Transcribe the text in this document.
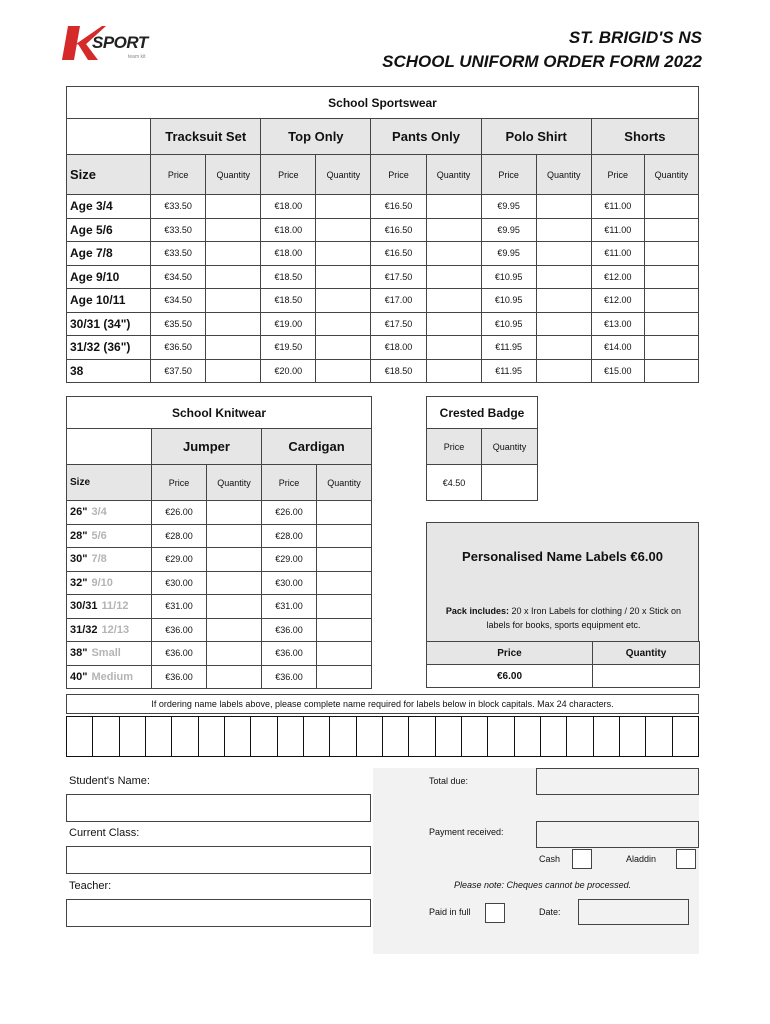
SPORT
team kit
ST. BRIGID'S NS
SCHOOL UNIFORM ORDER FORM 2022
School Sportswear										
	Tracksuit Set		Top Only		Pants Only		Polo Shirt		Shorts	
Size	Price	Quantity	Price	Quantity	Price	Quantity	Price	Quantity	Price	Quantity
Age 3/4	€33.50		€18.00		€16.50		€9.95		€11.00	
Age 5/6	€33.50		€18.00		€16.50		€9.95		€11.00	
Age 7/8	€33.50		€18.00		€16.50		€9.95		€11.00	
Age 9/10	€34.50		€18.50		€17.50		€10.95		€12.00	
Age 10/11	€34.50		€18.50		€17.00		€10.95		€12.00	
30/31 (34")	€35.50		€19.00		€17.50		€10.95		€13.00	
31/32 (36")	€36.50		€19.50		€18.00		€11.95		€14.00	
38	€37.50		€20.00		€18.50		€11.95		€15.00	
School Knitwear				
	Jumper		Cardigan	
Size	Price	Quantity	Price	Quantity
26" 3/4	€26.00		€26.00	
28" 5/6	€28.00		€28.00	
30" 7/8	€29.00		€29.00	
32" 9/10	€30.00		€30.00	
30/31 11/12	€31.00		€31.00	
31/32 12/13	€36.00		€36.00	
38" Small	€36.00		€36.00	
40" Medium	€36.00		€36.00	
Crested Badge	
Price	Quantity
€4.50	
Personalised Name Labels €6.00
Pack includes: 20 x Iron Labels for clothing / 20 x Stick on labels for books, sports equipment etc.
Price	Quantity
€6.00	
If ordering name labels above, please complete name required for labels below in block capitals. Max 24 characters.
Student's Name:
Current Class:
Teacher:
Total due:
Payment received:
Cash	Aladdin
Please note: Cheques cannot be processed.
Paid in full	Date:
